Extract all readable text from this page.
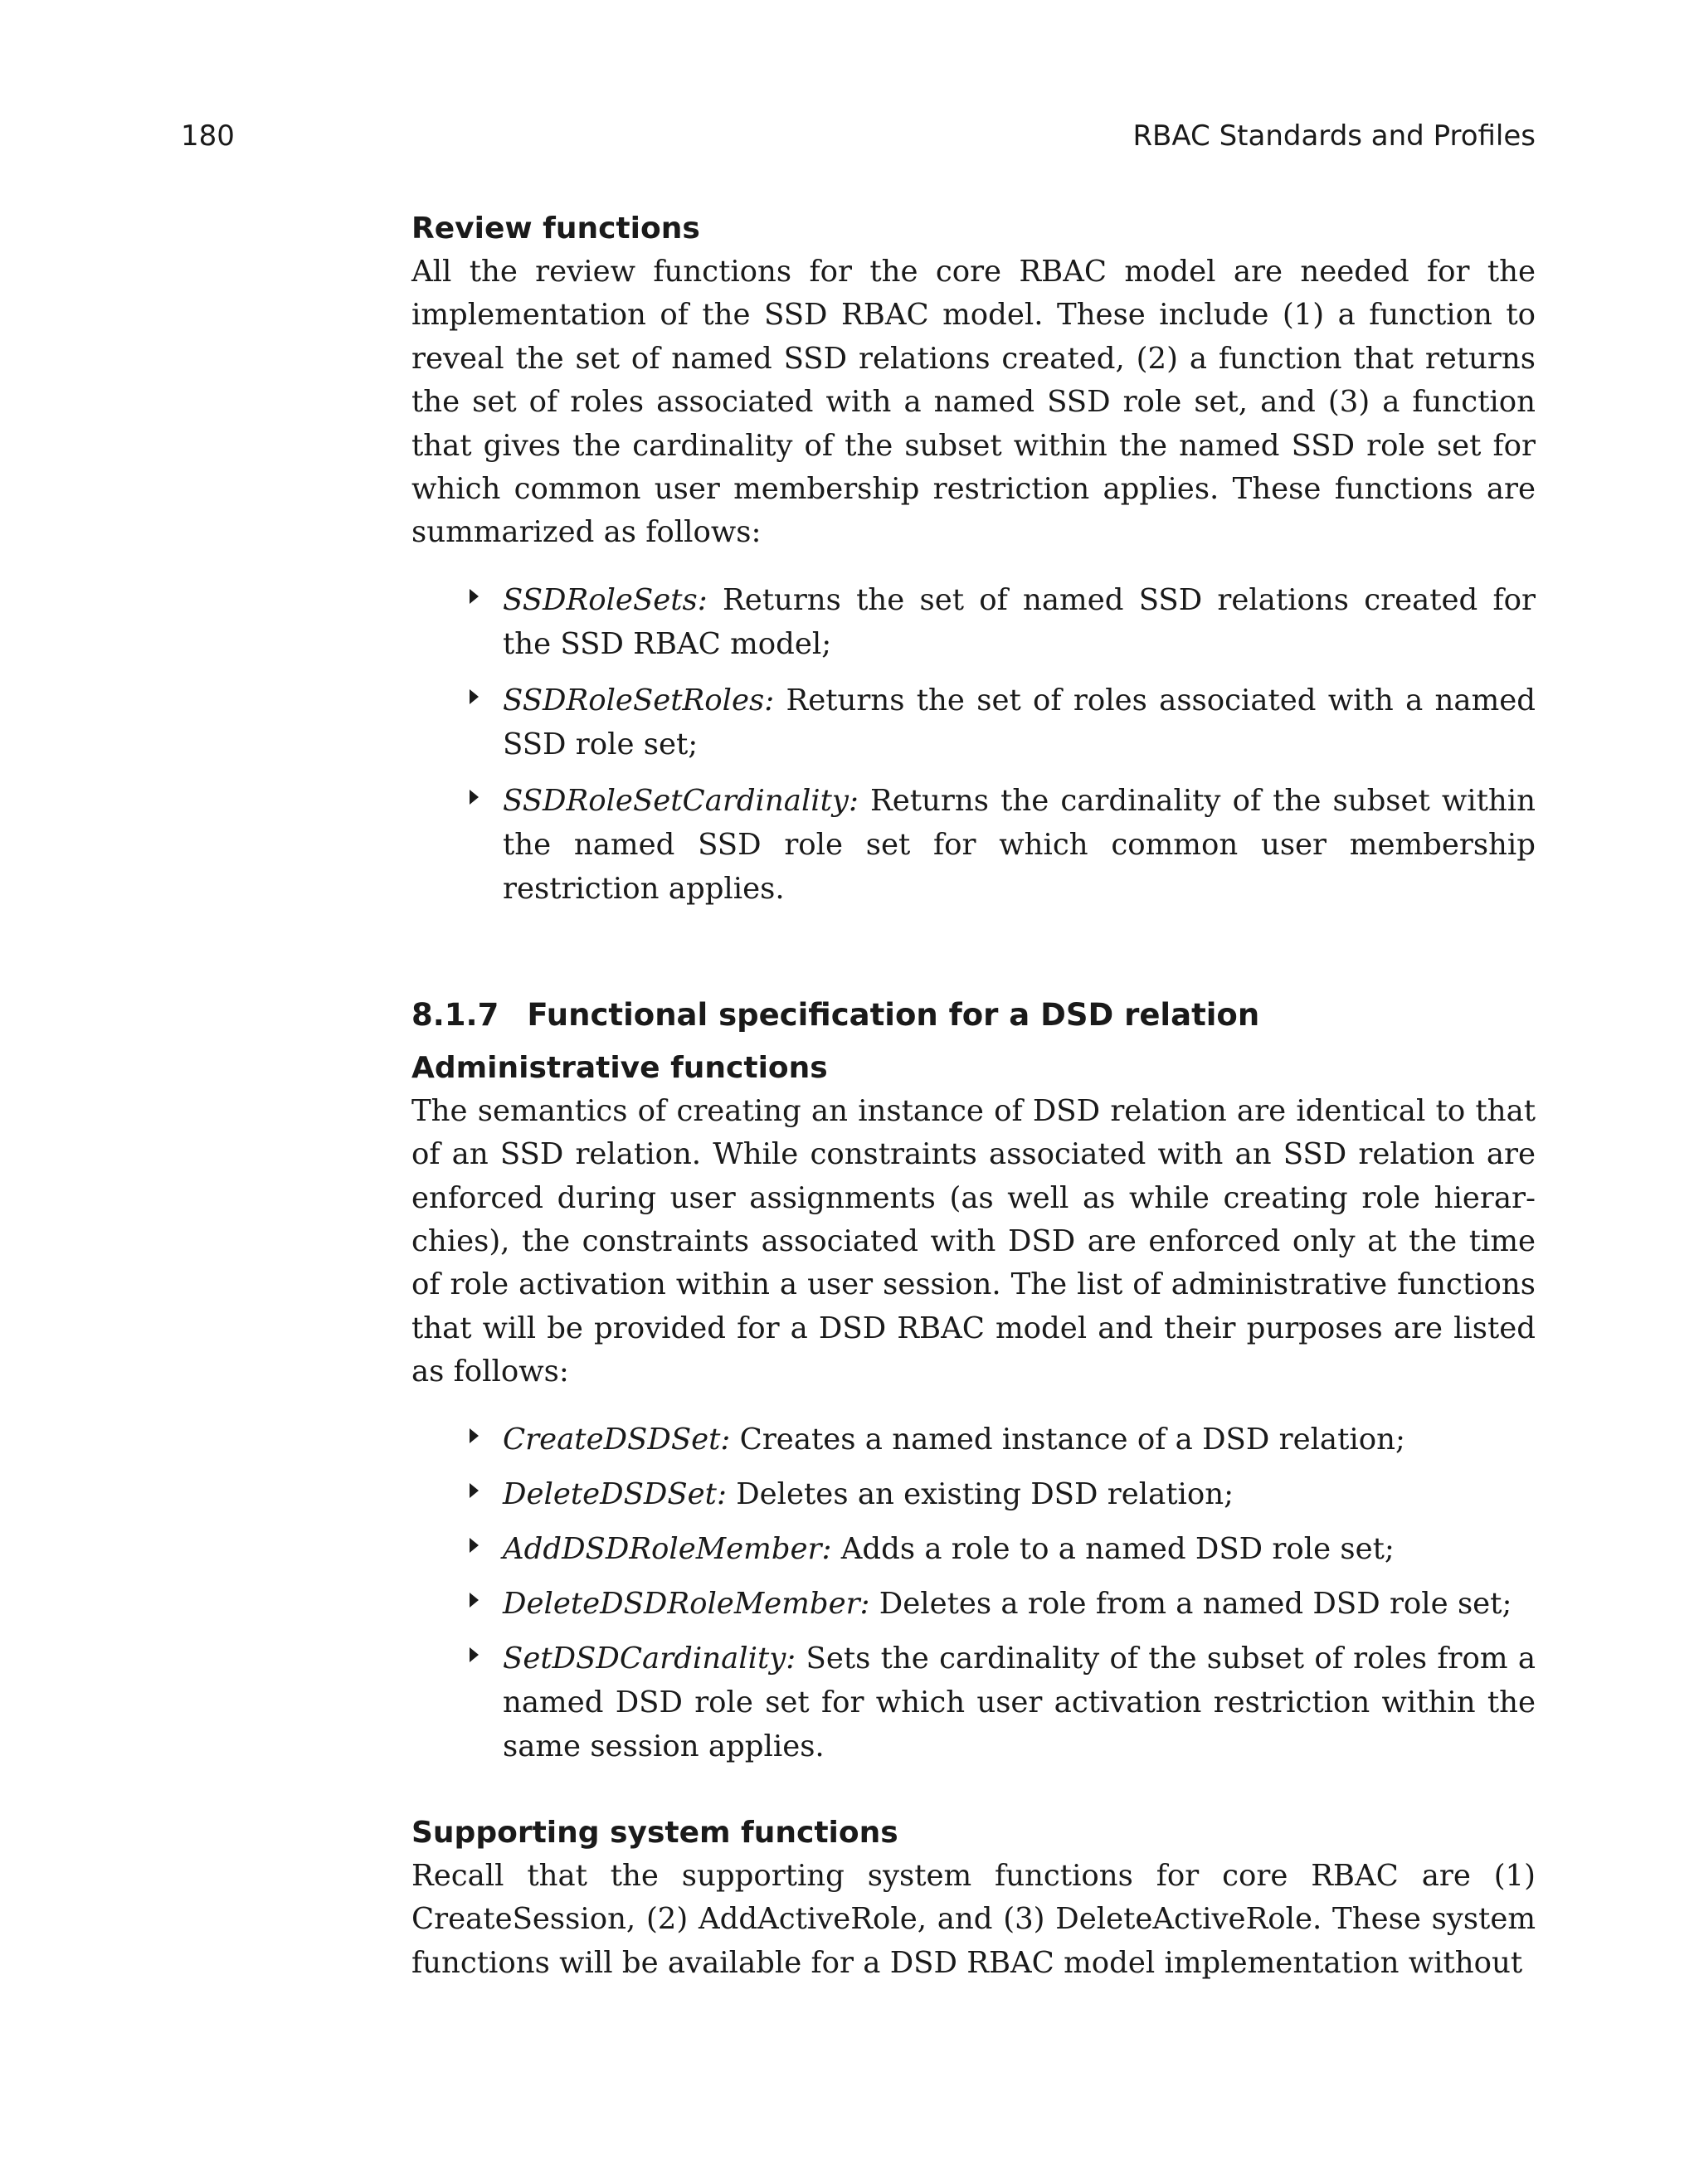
180	RBAC Standards and Profiles
Review functions

All the review functions for the core RBAC model are needed for the implementation of the SSD RBAC model. These include (1) a function to reveal the set of named SSD relations created, (2) a function that returns the set of roles associated with a named SSD role set, and (3) a function that gives the cardinality of the subset within the named SSD role set for which common user membership restriction applies. These functions are summarized as follows:

SSDRoleSets: Returns the set of named SSD relations created for the SSD RBAC model;
SSDRoleSetRoles: Returns the set of roles associated with a named SSD role set;
SSDRoleSetCardinality: Returns the cardinality of the subset within the named SSD role set for which common user membership restriction applies.
8.1.7 Functional specification for a DSD relation
Administrative functions

The semantics of creating an instance of DSD relation are identical to that of an SSD relation. While constraints associated with an SSD relation are enforced during user assignments (as well as while creating role hierarchies), the constraints associated with DSD are enforced only at the time of role activation within a user session. The list of administrative functions that will be provided for a DSD RBAC model and their purposes are listed as follows:

CreateDSDSet: Creates a named instance of a DSD relation;
DeleteDSDSet: Deletes an existing DSD relation;
AddDSDRoleMember: Adds a role to a named DSD role set;
DeleteDSDRoleMember: Deletes a role from a named DSD role set;
SetDSDCardinality: Sets the cardinality of the subset of roles from a named DSD role set for which user activation restriction within the same session applies.
Supporting system functions

Recall that the supporting system functions for core RBAC are (1) CreateSession, (2) AddActiveRole, and (3) DeleteActiveRole. These system functions will be available for a DSD RBAC model implementation without
